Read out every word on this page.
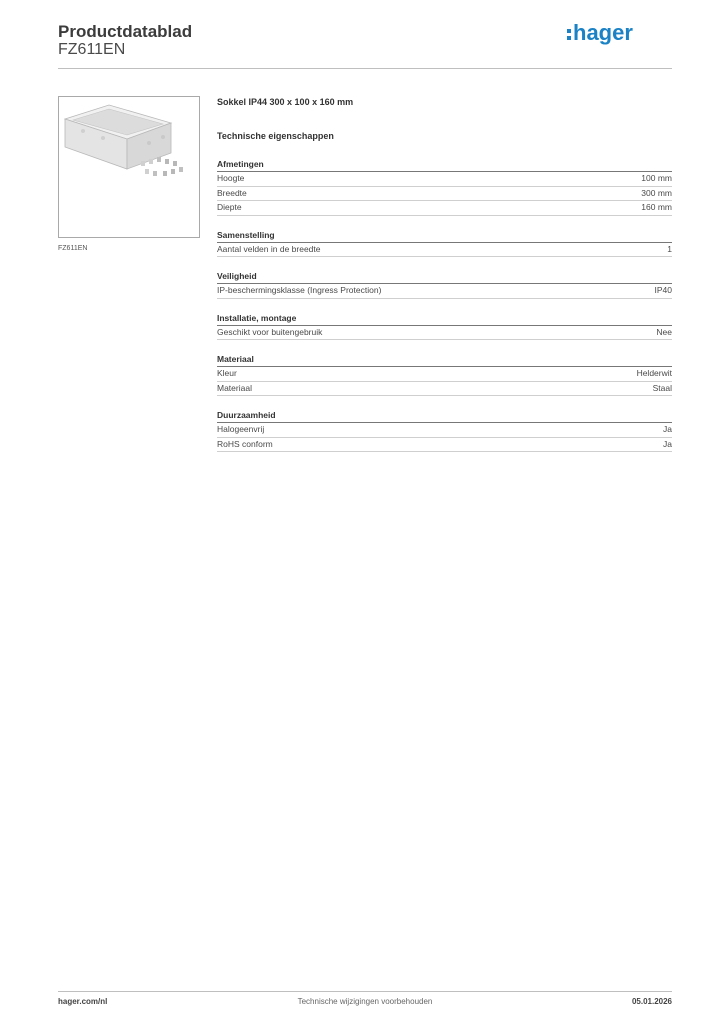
Productdatablad
FZ611EN
hager
FZ611EN
Sokkel IP44 300 x 100 x 160 mm
Technische eigenschappen
Afmetingen
Hoogte	100 mm
Breedte	300 mm
Diepte	160 mm
Samenstelling
Aantal velden in de breedte	1
Veiligheid
IP-beschermingsklasse (Ingress Protection)	IP40
Installatie, montage
Geschikt voor buitengebruik	Nee
Materiaal
Kleur	Helderwit
Materiaal	Staal
Duurzaamheid
Halogeenvrij	Ja
RoHS conform	Ja
hager.com/nl	Technische wijzigingen voorbehouden	05.01.2026
